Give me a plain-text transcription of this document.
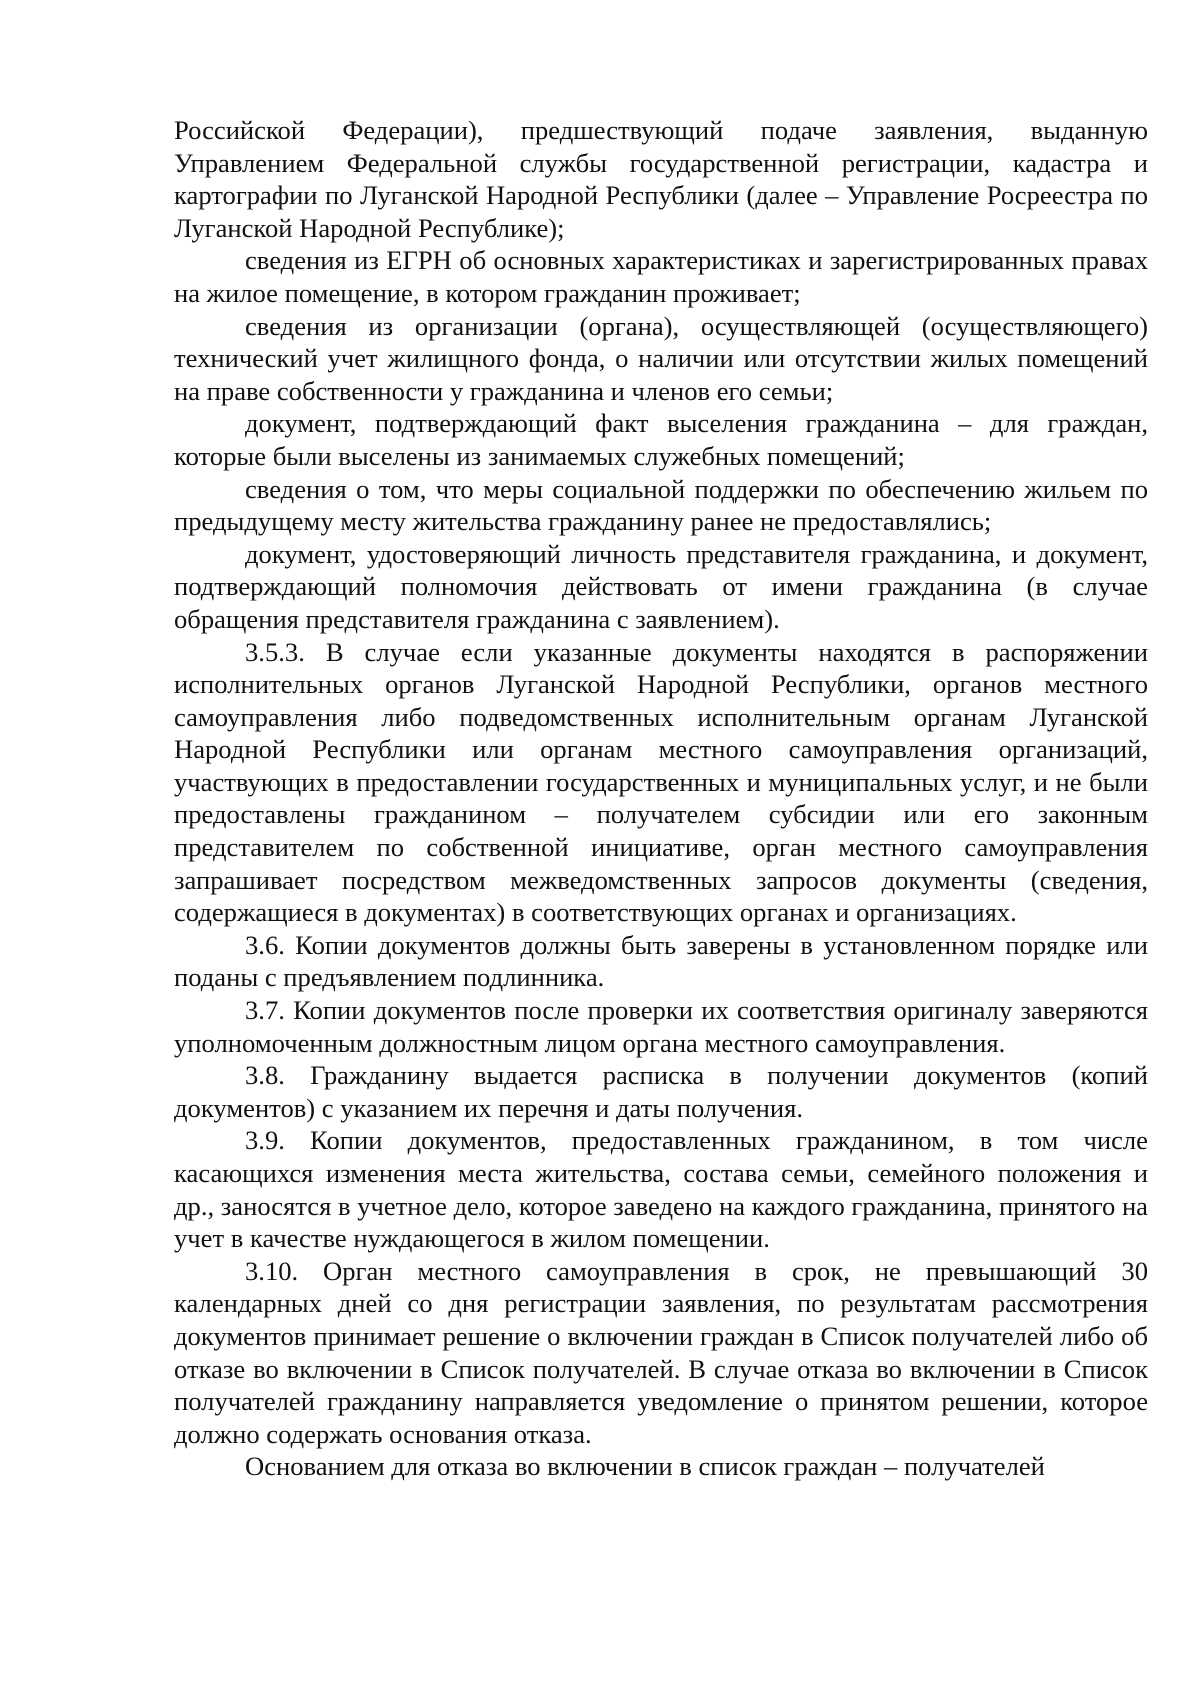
Российской Федерации), предшествующий подаче заявления, выданную Управлением Федеральной службы государственной регистрации, кадастра и картографии по Луганской Народной Республики (далее – Управление Росреестра по Луганской Народной Республике);

сведения из ЕГРН об основных характеристиках и зарегистрированных правах на жилое помещение, в котором гражданин проживает;

сведения из организации (органа), осуществляющей (осуществляющего) технический учет жилищного фонда, о наличии или отсутствии жилых помещений на праве собственности у гражданина и членов его семьи;

документ, подтверждающий факт выселения гражданина – для граждан, которые были выселены из занимаемых служебных помещений;

сведения о том, что меры социальной поддержки по обеспечению жильем по предыдущему месту жительства гражданину ранее не предоставлялись;

документ, удостоверяющий личность представителя гражданина, и документ, подтверждающий полномочия действовать от имени гражданина (в случае обращения представителя гражданина с заявлением).

3.5.3. В случае если указанные документы находятся в распоряжении исполнительных органов Луганской Народной Республики, органов местного самоуправления либо подведомственных исполнительным органам Луганской Народной Республики или органам местного самоуправления организаций, участвующих в предоставлении государственных и муниципальных услуг, и не были предоставлены гражданином – получателем субсидии или его законным представителем по собственной инициативе, орган местного самоуправления запрашивает посредством межведомственных запросов документы (сведения, содержащиеся в документах) в соответствующих органах и организациях.

3.6. Копии документов должны быть заверены в установленном порядке или поданы с предъявлением подлинника.

3.7. Копии документов после проверки их соответствия оригиналу заверяются уполномоченным должностным лицом органа местного самоуправления.

3.8. Гражданину выдается расписка в получении документов (копий документов) с указанием их перечня и даты получения.

3.9. Копии документов, предоставленных гражданином, в том числе касающихся изменения места жительства, состава семьи, семейного положения и др., заносятся в учетное дело, которое заведено на каждого гражданина, принятого на учет в качестве нуждающегося в жилом помещении.

3.10. Орган местного самоуправления в срок, не превышающий 30 календарных дней со дня регистрации заявления, по результатам рассмотрения документов принимает решение о включении граждан в Список получателей либо об отказе во включении в Список получателей. В случае отказа во включении в Список получателей гражданину направляется уведомление о принятом решении, которое должно содержать основания отказа.

Основанием для отказа во включении в список граждан – получателей
